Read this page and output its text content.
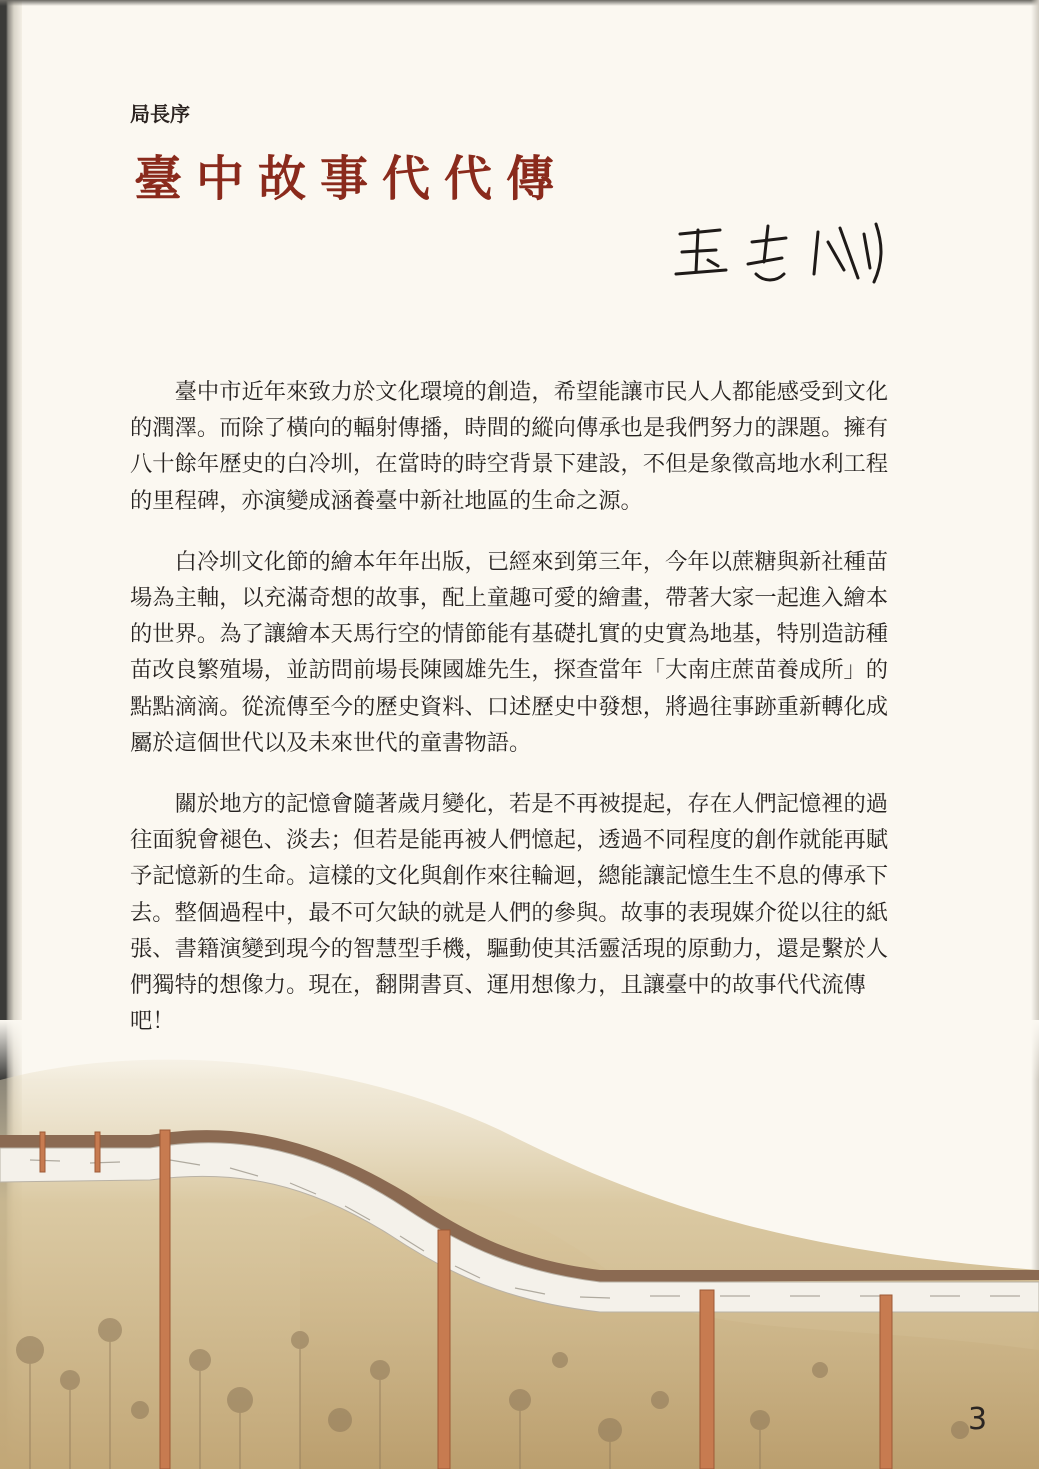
局長序
臺中故事代代傳

臺中市近年來致力於文化環境的創造，希望能讓市民人人都能感受到文化的潤澤。而除了橫向的輻射傳播，時間的縱向傳承也是我們努力的課題。擁有八十餘年歷史的白冷圳，在當時的時空背景下建設，不但是象徵高地水利工程的里程碑，亦演變成涵養臺中新社地區的生命之源。

白冷圳文化節的繪本年年出版，已經來到第三年，今年以蔗糖與新社種苗場為主軸，以充滿奇想的故事，配上童趣可愛的繪畫，帶著大家一起進入繪本的世界。為了讓繪本天馬行空的情節能有基礎扎實的史實為地基，特別造訪種苗改良繁殖場，並訪問前場長陳國雄先生，探查當年「大南庄蔗苗養成所」的點點滴滴。從流傳至今的歷史資料、口述歷史中發想，將過往事跡重新轉化成屬於這個世代以及未來世代的童書物語。

關於地方的記憶會隨著歲月變化，若是不再被提起，存在人們記憶裡的過往面貌會褪色、淡去；但若是能再被人們憶起，透過不同程度的創作就能再賦予記憶新的生命。這樣的文化與創作來往輪迴，總能讓記憶生生不息的傳承下去。整個過程中，最不可欠缺的就是人們的參與。故事的表現媒介從以往的紙張、書籍演變到現今的智慧型手機，驅動使其活靈活現的原動力，還是繫於人們獨特的想像力。現在，翻開書頁、運用想像力，且讓臺中的故事代代流傳吧！

3
